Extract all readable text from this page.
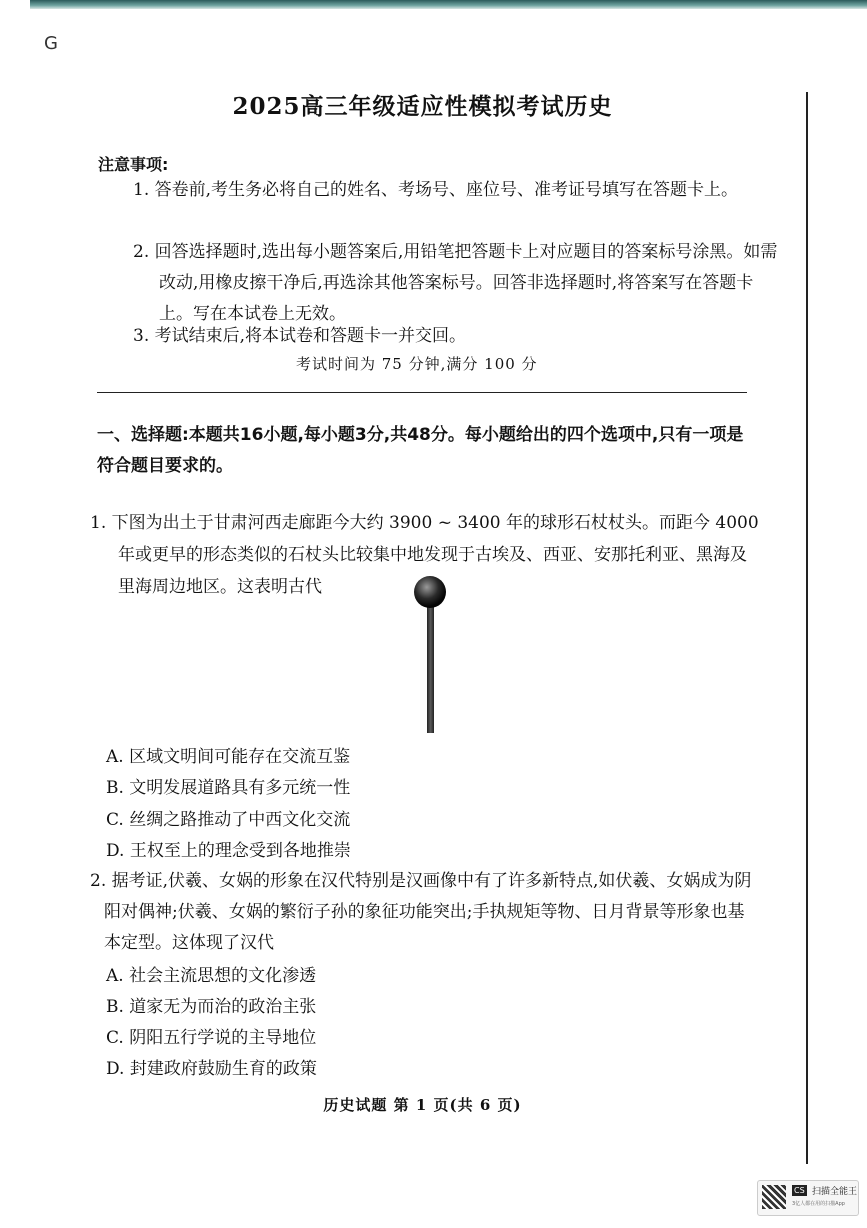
G
2025高三年级适应性模拟考试历史
注意事项:
1. 答卷前,考生务必将自己的姓名、考场号、座位号、准考证号填写在答题卡上。
2. 回答选择题时,选出每小题答案后,用铅笔把答题卡上对应题目的答案标号涂黑。如需改动,用橡皮擦干净后,再选涂其他答案标号。回答非选择题时,将答案写在答题卡上。写在本试卷上无效。
3. 考试结束后,将本试卷和答题卡一并交回。
考试时间为 75 分钟,满分 100 分
一、选择题:本题共16小题,每小题3分,共48分。每小题给出的四个选项中,只有一项是符合题目要求的。
1. 下图为出土于甘肃河西走廊距今大约 3900 ~ 3400 年的球形石杖杖头。而距今 4000 年或更早的形态类似的石杖头比较集中地发现于古埃及、西亚、安那托利亚、黑海及里海周边地区。这表明古代
A. 区域文明间可能存在交流互鉴
B. 文明发展道路具有多元统一性
C. 丝绸之路推动了中西文化交流
D. 王权至上的理念受到各地推崇
2. 据考证,伏羲、女娲的形象在汉代特别是汉画像中有了许多新特点,如伏羲、女娲成为阴阳对偶神;伏羲、女娲的繁衍子孙的象征功能突出;手执规矩等物、日月背景等形象也基本定型。这体现了汉代
A. 社会主流思想的文化渗透
B. 道家无为而治的政治主张
C. 阴阳五行学说的主导地位
D. 封建政府鼓励生育的政策
历史试题 第 1 页(共 6 页)
CS 扫描全能王
3亿人都在用的扫描App
